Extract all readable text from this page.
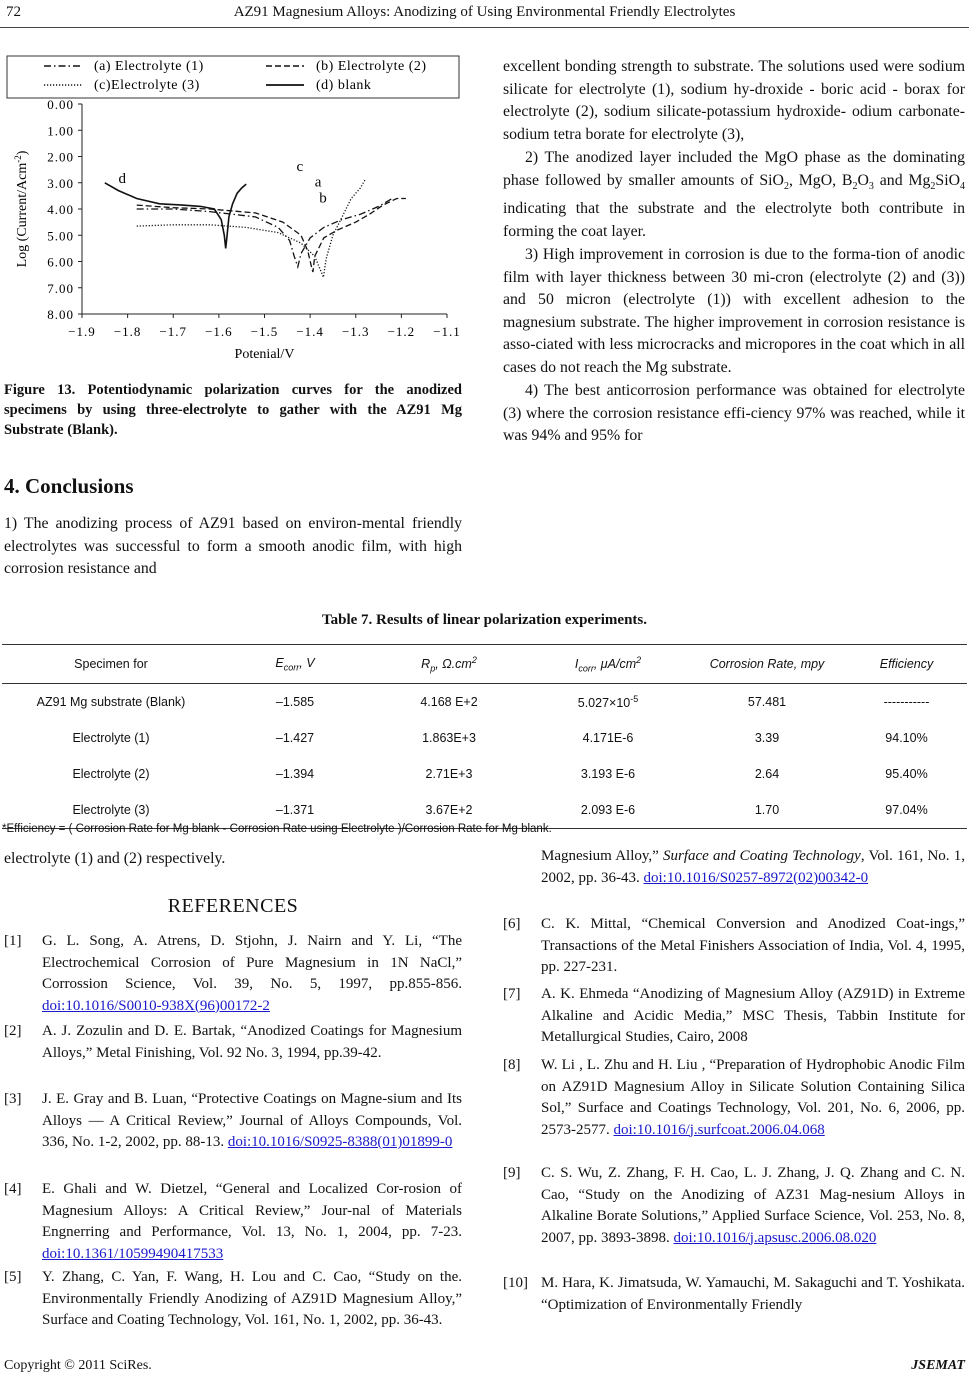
72	AZ91 Magnesium Alloys: Anodizing of Using Environmental Friendly Electrolytes
(a) Electrolyte (1)	(b) Electrolyte (2)
(c)Electrolyte (3)	(d) blank
0.00
1.00
2.00
3.00
4.00
5.00
6.00
7.00
8.00
−1.9 −1.8 −1.7 −1.6 −1.5 −1.4 −1.3 −1.2 −1.1
d
c
a
b
Potenial/V
Log (Current/Acm$^{-2}$)
Figure 13. Potentiodynamic polarization curves for the anodized specimens by using three-electrolyte to gather with the AZ91 Mg Substrate (Blank).
4. Conclusions

1) The anodizing process of AZ91 based on environ-mental friendly electrolytes was successful to form a smooth anodic film, with high corrosion resistance and

excellent bonding strength to substrate. The solutions used were sodium silicate for electrolyte (1), sodium hy-droxide - boric acid - borax for electrolyte (2), sodium silicate-potassium hydroxide- odium carbonate-sodium tetra borate for electrolyte (3),

2) The anodized layer included the MgO phase as the dominating phase followed by smaller amounts of SiO$_2$, MgO, $B_2O_3$ and $Mg_2SiO_4$ indicating that the substrate and the electrolyte both contribute in forming the coat layer.

3) High improvement in corrosion is due to the forma-tion of anodic film with layer thickness between 30 mi-cron (electrolyte (2) and (3)) and 50 micron (electrolyte (1)) with excellent adhesion to the magnesium substrate. The higher improvement in corrosion resistance is asso-ciated with less microcracks and micropores in the coat which in all cases do not reach the Mg substrate.

4) The best anticorrosion performance was obtained for electrolyte (3) where the corrosion resistance effi-ciency 97% was reached, while it was 94% and 95% for

Table 7. Results of linear polarization experiments.
Specimen for	$E_{corr}$, V	$R_p$, $\Omega.cm^2$	$I_{corr}$, $\mu A/cm^2$	Corrosion Rate, mpy	Efficiency
AZ91 Mg substrate (Blank)	–1.585	4.168 E+2	$5.027\times 10^{-5}$	57.481	-----------
Electrolyte (1)	–1.427	1.863E+3	4.171E-6	3.39	94.10%
Electrolyte (2)	–1.394	2.71E+3	3.193 E-6	2.64	95.40%
Electrolyte (3)	–1.371	3.67E+2	2.093 E-6	1.70	97.04%
*Efficiency = ( Corrosion Rate for Mg blank - Corrosion Rate using Electrolyte )/Corrosion Rate for Mg blank.

electrolyte (1) and (2) respectively.

REFERENCES
[1] G. L. Song, A. Atrens, D. Stjohn, J. Nairn and Y. Li, “The Electrochemical Corrosion of Pure Magnesium in 1N NaCl,” Corrossion Science, Vol. 39, No. 5, 1997, pp.855-856. doi:10.1016/S0010-938X(96)00172-2
[2] A. J. Zozulin and D. E. Bartak, “Anodized Coatings for Magnesium Alloys,” Metal Finishing, Vol. 92 No. 3, 1994, pp.39-42.
[3] J. E. Gray and B. Luan, “Protective Coatings on Magne-sium and Its Alloys — A Critical Review,” Journal of Alloys Compounds, Vol. 336, No. 1-2, 2002, pp. 88-13. doi:10.1016/S0925-8388(01)01899-0
[4] E. Ghali and W. Dietzel, “General and Localized Cor-rosion of Magnesium Alloys: A Critical Review,” Jour-nal of Materials Engnerring and Performance, Vol. 13, No. 1, 2004, pp. 7-23. doi:10.1361/10599490417533
[5] Y. Zhang, C. Yan, F. Wang, H. Lou and C. Cao, “Study on the. Environmentally Friendly Anodizing of AZ91D Magnesium Alloy,” Surface and Coating Technology, Vol. 161, No. 1, 2002, pp. 36-43.
Magnesium Alloy,” Surface and Coating Technology, Vol. 161, No. 1, 2002, pp. 36-43. doi:10.1016/S0257-8972(02)00342-0
[6] C. K. Mittal, “Chemical Conversion and Anodized Coat-ings,” Transactions of the Metal Finishers Association of India, Vol. 4, 1995, pp. 227-231.
[7] A. K. Ehmeda “Anodizing of Magnesium Alloy (AZ91D) in Extreme Alkaline and Acidic Media,” MSC Thesis, Tabbin Institute for Metallurgical Studies, Cairo, 2008
[8] W. Li , L. Zhu and H. Liu , “Preparation of Hydrophobic Anodic Film on AZ91D Magnesium Alloy in Silicate Solution Containing Silica Sol,” Surface and Coatings Technology, Vol. 201, No. 6, 2006, pp. 2573-2577. doi:10.1016/j.surfcoat.2006.04.068
[9] C. S. Wu, Z. Zhang, F. H. Cao, L. J. Zhang, J. Q. Zhang and C. N. Cao, “Study on the Anodizing of AZ31 Mag-nesium Alloys in Alkaline Borate Solutions,” Applied Surface Science, Vol. 253, No. 8, 2007, pp. 3893-3898. doi:10.1016/j.apsusc.2006.08.020
[10] M. Hara, K. Jimatsuda, W. Yamauchi, M. Sakaguchi and T. Yoshikata. “Optimization of Environmentally Friendly
Copyright © 2011 SciRes.	JSEMAT
